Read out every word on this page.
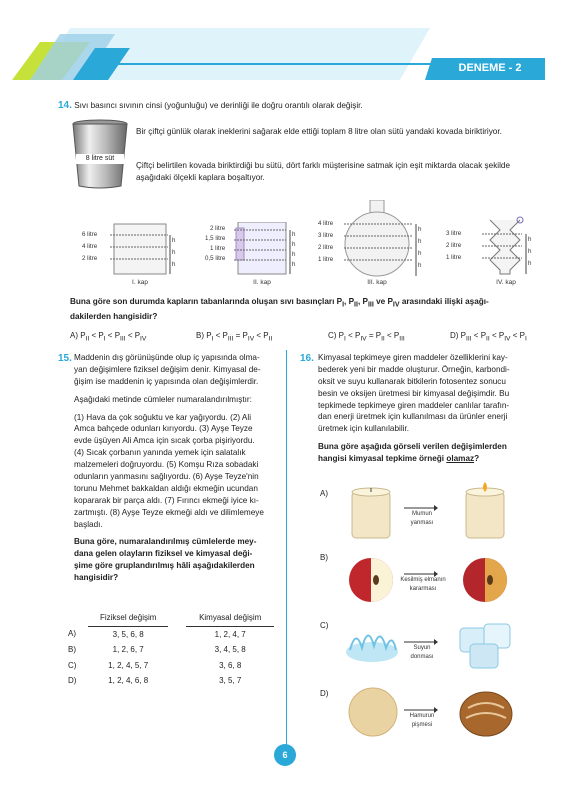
DENEME - 2
14. Sıvı basıncı sıvının cinsi (yoğunluğu) ve derinliği ile doğru orantılı olarak değişir.
8 litre süt
Bir çiftçi günlük olarak ineklerini sağarak elde ettiği toplam 8 litre olan sütü yandaki kovada biriktiriyor.
Çiftçi belirtilen kovada biriktirdiği bu sütü, dört farklı müşterisine satmak için eşit miktarda olacak şekilde aşağıdaki ölçekli kaplara boşaltıyor.
6 litre
4 litre
2 litre
h
h
h
I. kap
2 litre
1,5 litre
1 litre
0,5 litre
h
h
h
h
II. kap
4 litre
3 litre
2 litre
1 litre
h
h
h
h
III. kap
3 litre
2 litre
1 litre
h
h
h
IV. kap
Buna göre son durumda kapların tabanlarında oluşan sıvı basınçları $P_I$, $P_{II}$, $P_{III}$ ve $P_{IV}$ arasındaki ilişki aşağı-
dakilerden hangisidir?
A) $P_{II} < P_I < P_{III} < P_{IV}$	B) $P_I < P_{III} = P_{IV} < P_{II}$	C) $P_I < P_{IV} = P_{II} < P_{III}$	D) $P_{III} < P_{II} < P_{IV} < P_I$
15. Maddenin dış görünüşünde olup iç yapısında olma-
yan değişimlere fiziksel değişim denir. Kimyasal de-
ğişim ise maddenin iç yapısında olan değişimlerdir.
Aşağıdaki metinde cümleler numaralandırılmıştır:
(1) Hava da çok soğuktu ve kar yağıyordu. (2) Ali
Amca bahçede odunları kırıyordu. (3) Ayşe Teyze
evde üşüyen Ali Amca için sıcak çorba pişiriyordu.
(4) Sıcak çorbanın yanında yemek için salatalık
malzemeleri doğruyordu. (5) Komşu Rıza sobadaki
odunların yanmasını sağlıyordu. (6) Ayşe Teyze'nin
torunu Mehmet bakkaldan aldığı ekmeğin ucundan
kopararak bir parça aldı. (7) Fırıncı ekmeği iyice kı-
zartmıştı. (8) Ayşe Teyze ekmeği aldı ve dilimlemeye
başladı.
Buna göre, numaralandırılmış cümlelerde mey-
dana gelen olayların fiziksel ve kimyasal deği-
şime göre gruplandırılmış hâli aşağıdakilerden
hangisidir?
	Fiziksel değişim		Kimyasal değişim
A)	3, 5, 6, 8		1, 2, 4, 7
B)	1, 2, 6, 7		3, 4, 5, 8
C)	1, 2, 4, 5, 7		3, 6, 8
D)	1, 2, 4, 6, 8		3, 5, 7
16. Kimyasal tepkimeye giren maddeler özelliklerini kay-
bederek yeni bir madde oluşturur. Örneğin, karbondi-
oksit ve suyu kullanarak bitkilerin fotosentez sonucu
besin ve oksijen üretmesi bir kimyasal değişimdir. Bu
tepkimede tepkimeye giren maddeler canlılar tarafın-
dan enerji üretmek için kullanılması da ürünler enerji
üretmek için kullanılabilir.
Buna göre aşağıda görseli verilen değişimlerden
hangisi kimyasal tepkime örneği olamaz?
A)
Mumun
yanması
B)
Kesilmiş elmanın
kararması
C)
Suyun
donması
D)
Hamurun
pişmesi
6
